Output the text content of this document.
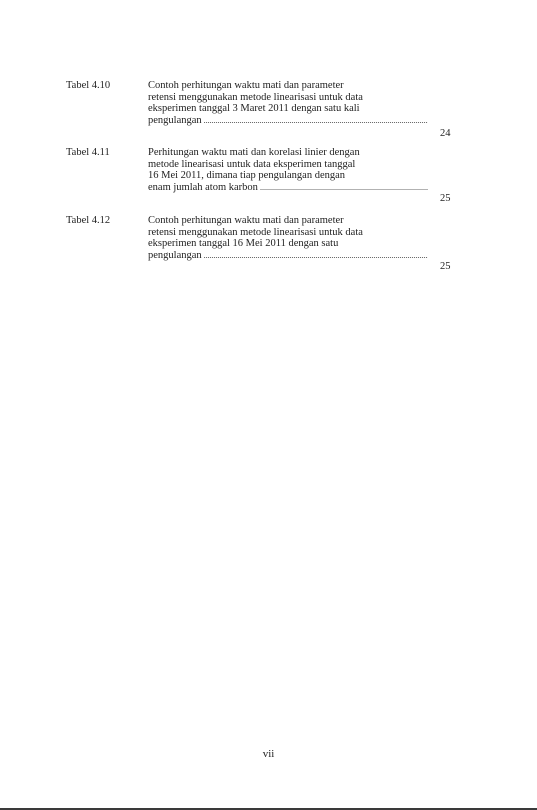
Tabel 4.10	Contoh perhitungan waktu mati dan parameter
retensi menggunakan metode linearisasi untuk data
eksperimen tanggal 3 Maret 2011 dengan satu kali
pengulangan
. . .
24
Tabel 4.11	Perhitungan waktu mati dan korelasi linier dengan
metode linearisasi untuk data eksperimen tanggal
16 Mei 2011, dimana tiap pengulangan dengan
enam jumlah atom karbon
. . .
25
Tabel 4.12	Contoh perhitungan waktu mati dan parameter
retensi menggunakan metode linearisasi untuk data
eksperimen tanggal 16 Mei 2011 dengan satu
pengulangan
. . .
25
vii
